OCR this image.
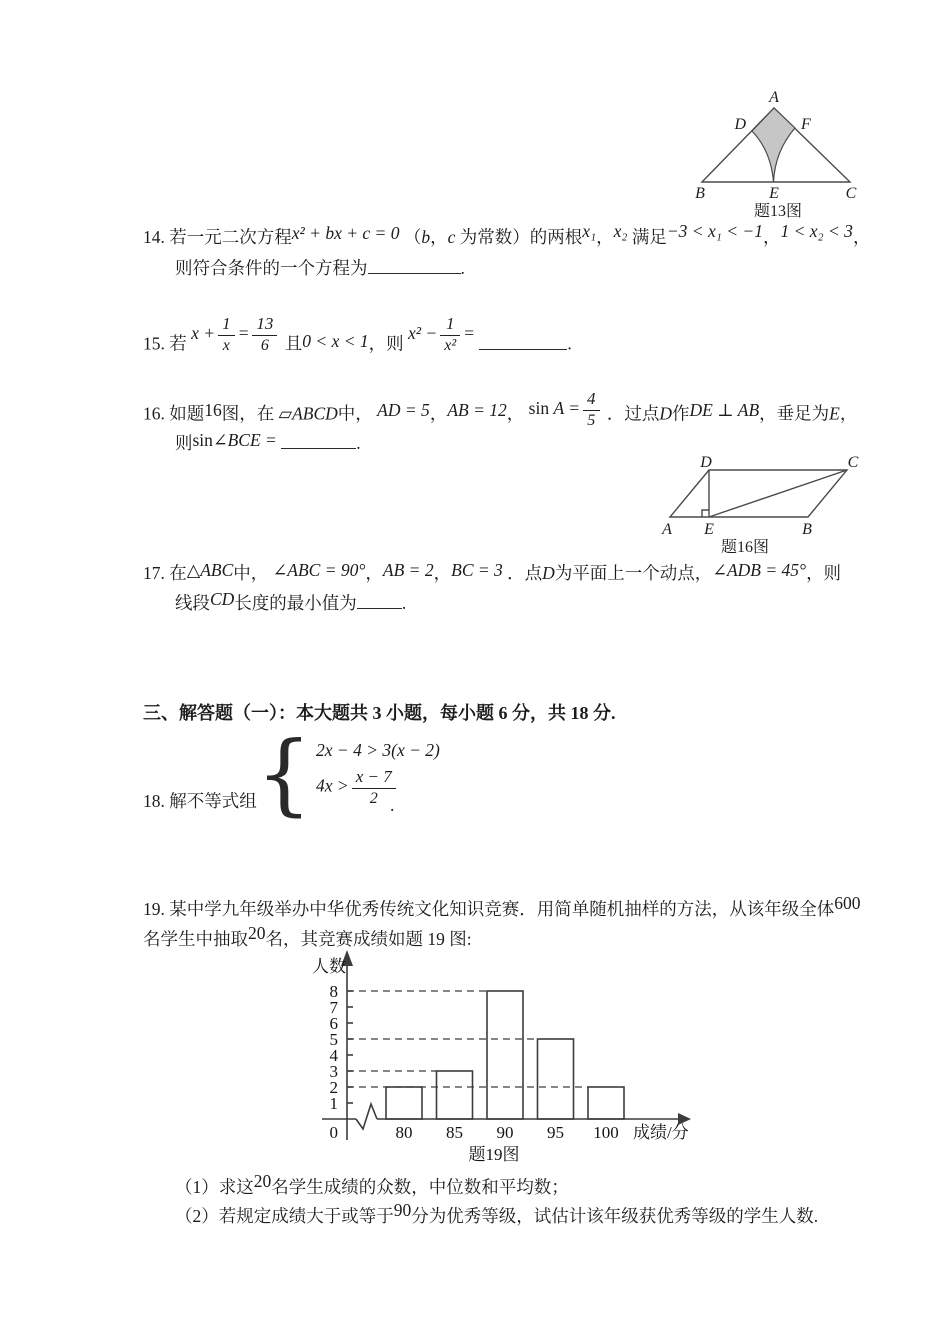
A
D	F
B	E	C
题13图
14. 若一元二次方程x² + bx + c = 0 （b，c 为常数）的两根x₁，x₂ 满足−3 < x₁ < −1，1 < x₂ < 3，
则符合条件的一个方程为	.
15. 若 $x + \frac{1}{x} = \frac{13}{6}$ 且0 < x < 1，则 $x^2 - \frac{1}{\text{x²}}$ = .
16. 如题16图，在 ▱ABCD中， AD = 5，AB = 12， $\sin A = \frac{4}{5}$ ．过点D作DE ⊥ AB，垂足为E，
则sin∠BCE =	.
D	C
A E	B
题16图
17. 在△ABC中， ∠ABC = 90°，AB = 2，BC = 3 ．点D为平面上一个动点，∠ADB = 45°，则
线段CD长度的最小值为	.
三、解答题（一）：本大题共 3 小题，每小题 6 分，共 18 分.
18. 解不等式组 { 2x − 4 > 3(x − 2)
$4x > \frac{x - 7}{2}$
.
19. 某中学九年级举办中华优秀传统文化知识竞赛．用简单随机抽样的方法，从该年级全体600
名学生中抽取20名，其竞赛成绩如题 19 图:
人数
成绩/分
0
1
2
3
4
5
6
7
8
80 85 90 95 100
题19图
（1）求这20名学生成绩的众数，中位数和平均数；
（2）若规定成绩大于或等于90分为优秀等级，试估计该年级获优秀等级的学生人数.
